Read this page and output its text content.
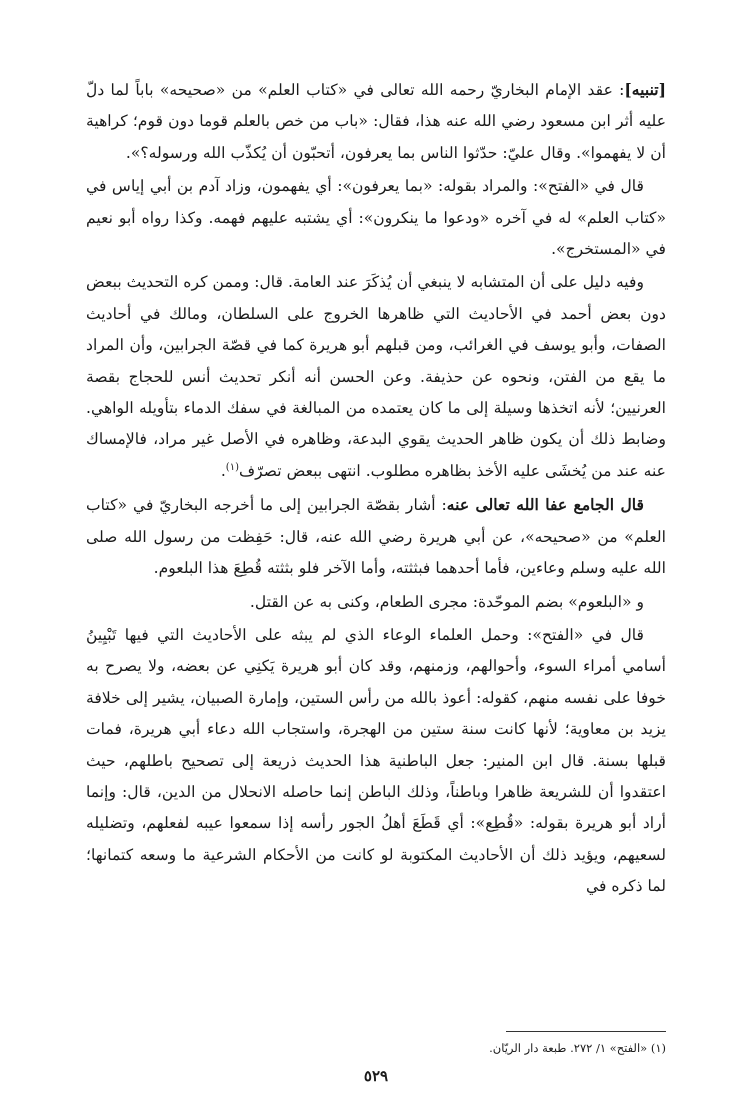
[تنبيه]: عقد الإمام البخاريّ رحمه الله تعالى في «كتاب العلم» من «صحيحه» باباً لما دلّ عليه أثر ابن مسعود رضي الله عنه هذا، فقال: «باب من خص بالعلم قوما دون قوم؛ كراهية أن لا يفهموا». وقال عليّ: حدّثوا الناس بما يعرفون، أتحبّون أن يُكذّب الله ورسوله؟».

قال في «الفتح»: والمراد بقوله: «بما يعرفون»: أي يفهمون، وزاد آدم بن أبي إياس في «كتاب العلم» له في آخره «ودعوا ما ينكرون»: أي يشتبه عليهم فهمه. وكذا رواه أبو نعيم في «المستخرج».

وفيه دليل على أن المتشابه لا ينبغي أن يُذكَرَ عند العامة. قال: وممن كره التحديث ببعض دون بعض أحمد في الأحاديث التي ظاهرها الخروج على السلطان، ومالك في أحاديث الصفات، وأبو يوسف في الغرائب، ومن قبلهم أبو هريرة كما في قصّة الجرابين، وأن المراد ما يقع من الفتن، ونحوه عن حذيفة. وعن الحسن أنه أنكر تحديث أنس للحجاج بقصة العرنيين؛ لأنه اتخذها وسيلة إلى ما كان يعتمده من المبالغة في سفك الدماء بتأويله الواهي. وضابط ذلك أن يكون ظاهر الحديث يقوي البدعة، وظاهره في الأصل غير مراد، فالإمساك عنه عند من يُخشَى عليه الأخذ بظاهره مطلوب. انتهى ببعض تصرّف$^{(١)}$.

قال الجامع عفا الله تعالى عنه: أشار بقصّة الجرابين إلى ما أخرجه البخاريّ في «كتاب العلم» من «صحيحه»، عن أبي هريرة رضي الله عنه، قال: حَفِظت من رسول الله صلى الله عليه وسلم وعاءين، فأما أحدهما فبثثته، وأما الآخر فلو بثثته قُطِعَ هذا البلعوم.

و «البلعوم» بضم الموحّدة: مجرى الطعام، وكنى به عن القتل.

قال في «الفتح»: وحمل العلماء الوعاء الذي لم يبثه على الأحاديث التي فيها تَبْيِينُ أسامي أمراء السوء، وأحوالهم، وزمنهم، وقد كان أبو هريرة يَكنِي عن بعضه، ولا يصرح به خوفا على نفسه منهم، كقوله: أعوذ بالله من رأس الستين، وإمارة الصبيان، يشير إلى خلافة يزيد بن معاوية؛ لأنها كانت سنة ستين من الهجرة، واستجاب الله دعاء أبي هريرة، فمات قبلها بسنة. قال ابن المنير: جعل الباطنية هذا الحديث ذريعة إلى تصحيح باطلهم، حيث اعتقدوا أن للشريعة ظاهرا وباطناً، وذلك الباطن إنما حاصله الانحلال من الدين، قال: وإنما أراد أبو هريرة بقوله: «قُطِع»: أي قَطَعَ أهلُ الجور رأسه إذا سمعوا عيبه لفعلهم، وتضليله لسعيهم، ويؤيد ذلك أن الأحاديث المكتوبة لو كانت من الأحكام الشرعية ما وسعه كتمانها؛ لما ذكره في

(١) «الفتح» ١/ ٢٧٢. طبعة دار الريّان.
٥٢٩
